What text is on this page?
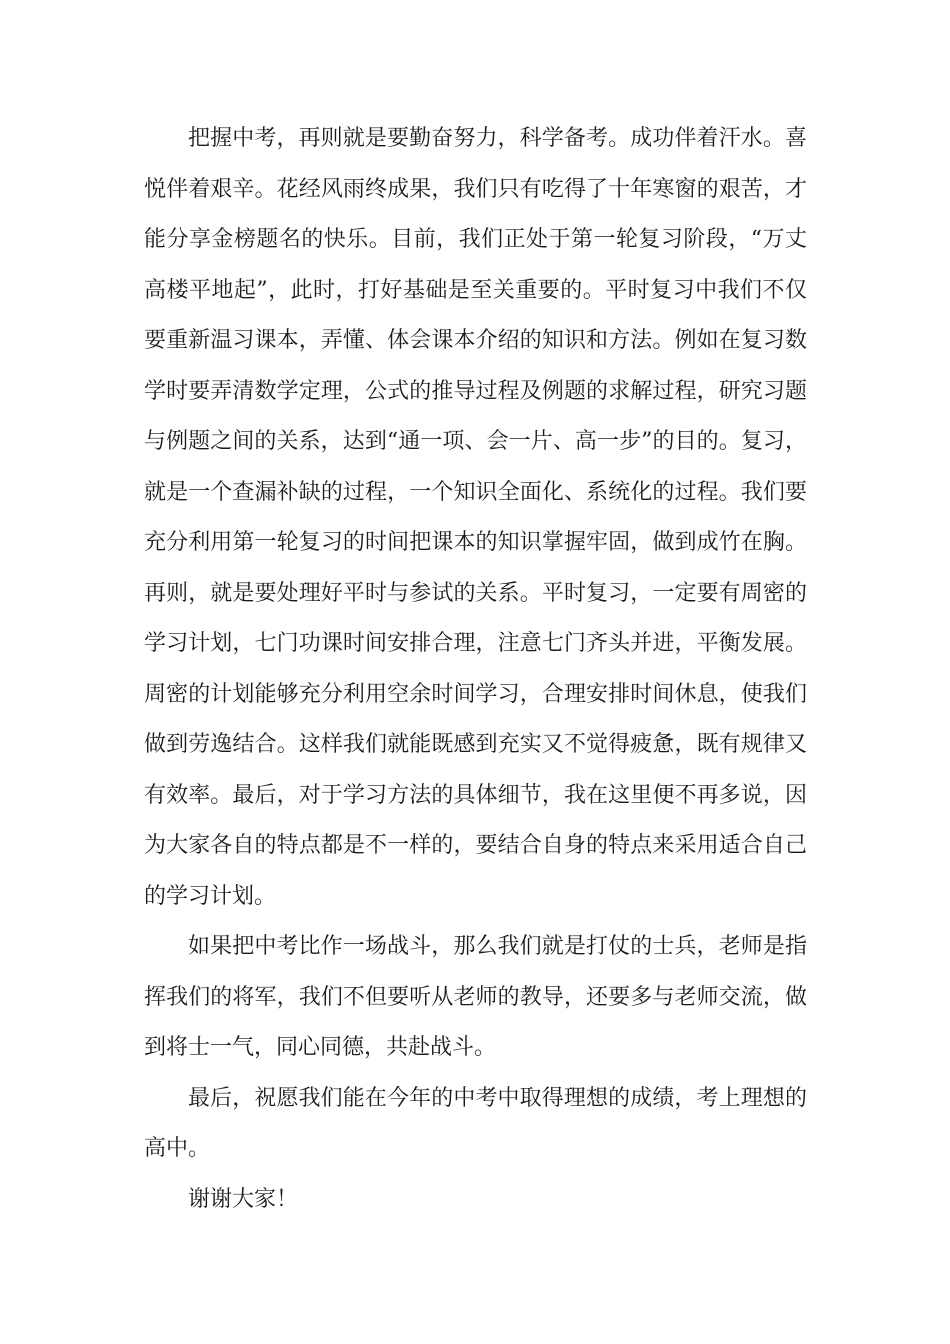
把握中考，再则就是要勤奋努力，科学备考。成功伴着汗水。喜悦伴着艰辛。花经风雨终成果，我们只有吃得了十年寒窗的艰苦，才能分享金榜题名的快乐。目前，我们正处于第一轮复习阶段，“万丈高楼平地起”，此时，打好基础是至关重要的。平时复习中我们不仅要重新温习课本，弄懂、体会课本介绍的知识和方法。例如在复习数学时要弄清数学定理，公式的推导过程及例题的求解过程，研究习题与例题之间的关系，达到“通一项、会一片、高一步”的目的。复习，就是一个查漏补缺的过程，一个知识全面化、系统化的过程。我们要充分利用第一轮复习的时间把课本的知识掌握牢固，做到成竹在胸。再则，就是要处理好平时与参试的关系。平时复习，一定要有周密的学习计划，七门功课时间安排合理，注意七门齐头并进，平衡发展。周密的计划能够充分利用空余时间学习，合理安排时间休息，使我们做到劳逸结合。这样我们就能既感到充实又不觉得疲惫，既有规律又有效率。最后，对于学习方法的具体细节，我在这里便不再多说，因为大家各自的特点都是不一样的，要结合自身的特点来采用适合自己的学习计划。

如果把中考比作一场战斗，那么我们就是打仗的士兵，老师是指挥我们的将军，我们不但要听从老师的教导，还要多与老师交流，做到将士一气，同心同德，共赴战斗。

最后，祝愿我们能在今年的中考中取得理想的成绩，考上理想的高中。

谢谢大家！
